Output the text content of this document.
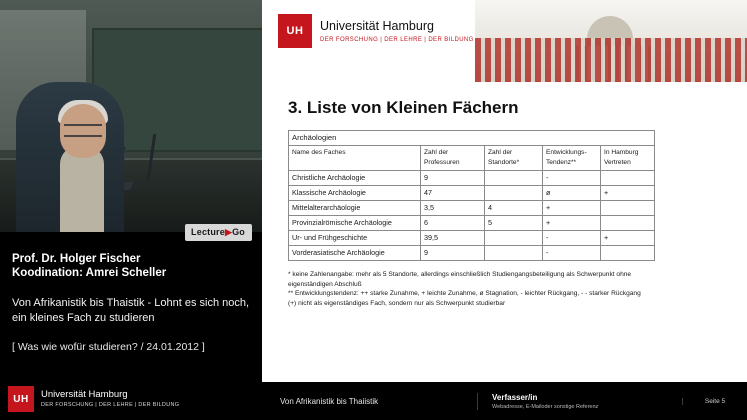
Lecture▶Go
Prof. Dr. Holger Fischer
Koodination: Amrei Scheller
Von Afrikanistik bis Thaistik - Lohnt es sich noch, ein kleines Fach zu studieren
[ Was wie wofür studieren? / 24.01.2012 ]
UH	Universität Hamburg
DER FORSCHUNG | DER LEHRE | DER BILDUNG
UH	Universität Hamburg
DER FORSCHUNG | DER LEHRE | DER BILDUNG
3. Liste von Kleinen Fächern
Archäologien				
Name des Faches	Zahl der Professuren	Zahl der Standorte*	Entwicklungs-Tendenz**	In Hamburg Vertreten
Christliche Archäologie	9		-	
Klassische Archäologie	47		ø	+
Mittelalterarchäologie	3,5	4	+	
Provinzialrömische Archäologie	6	5	+	
Ur- und Frühgeschichte	39,5		-	+
Vorderasiatische Archäologie	9		-	
* keine Zahlenangabe: mehr als 5 Standorte, allerdings einschließlich Studiengangsbeteiligung als Schwerpunkt ohne eigenständigen Abschluß
** Entwicklungstendenz: ++ starke Zunahme, + leichte Zunahme, ø Stagnation, - leichter Rückgang, - - starker Rückgang
(+) nicht als eigenständiges Fach, sondern nur als Schwerpunkt studierbar
Von Afrikanistik bis Thaiistik	Verfasser/in
Webadresse, E-Mailoder sonstige Referenz
Seite 5
